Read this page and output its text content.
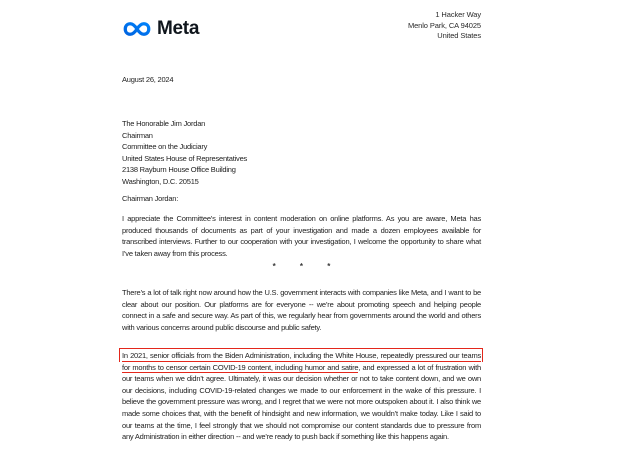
Meta
1 Hacker Way
Menlo Park, CA 94025
United States
August 26, 2024
The Honorable Jim Jordan
Chairman
Committee on the Judiciary
United States House of Representatives
2138 Rayburn House Office Building
Washington, D.C. 20515
Chairman Jordan:

I appreciate the Committee’s interest in content moderation on online platforms. As you are aware, Meta has produced thousands of documents as part of your investigation and made a dozen employees available for transcribed interviews. Further to our cooperation with your investigation, I welcome the opportunity to share what I’ve taken away from this process.

* * *

There’s a lot of talk right now around how the U.S. government interacts with companies like Meta, and I want to be clear about our position. Our platforms are for everyone -- we’re about promoting speech and helping people connect in a safe and secure way. As part of this, we regularly hear from governments around the world and others with various concerns around public discourse and public safety.

In 2021, senior officials from the Biden Administration, including the White House, repeatedly pressured our teams for months to censor certain COVID-19 content, including humor and satire, and expressed a lot of frustration with our teams when we didn’t agree. Ultimately, it was our decision whether or not to take content down, and we own our decisions, including COVID-19-related changes we made to our enforcement in the wake of this pressure. I believe the government pressure was wrong, and I regret that we were not more outspoken about it. I also think we made some choices that, with the benefit of hindsight and new information, we wouldn’t make today. Like I said to our teams at the time, I feel strongly that we should not compromise our content standards due to pressure from any Administration in either direction -- and we’re ready to push back if something like this happens again.
